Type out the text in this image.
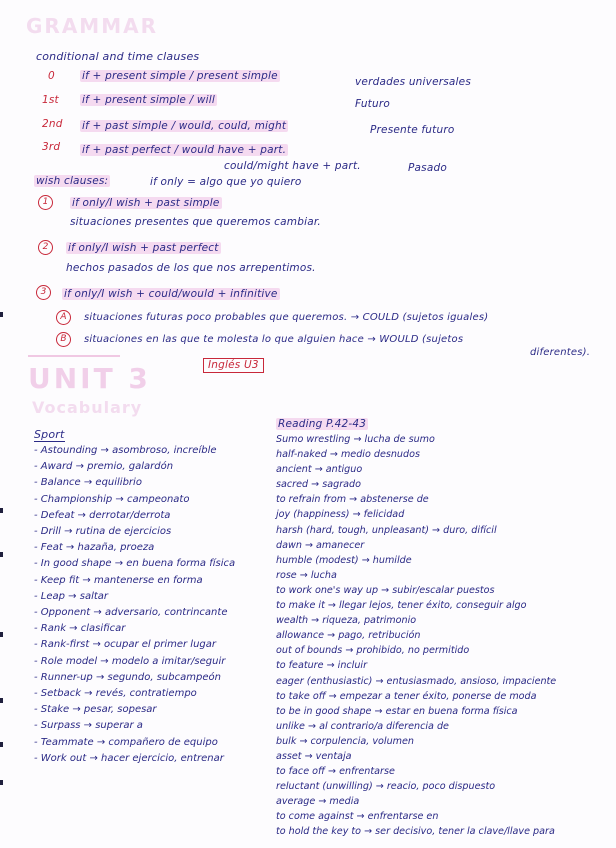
GRAMMAR
conditional and time clauses
0	if + present simple / present simple	verdades universales
1st if + present simple / will	Futuro
2nd if + past simple / would, could, might	Presente futuro
3rd if + past perfect / would have + part.
could/might have + part.	Pasado
wish clauses:	if only = algo que yo quiero
1	if only/I wish + past simple
situaciones presentes que queremos cambiar.
2	if only/I wish + past perfect
hechos pasados de los que nos arrepentimos.
3	if only/I wish + could/would + infinitive
A	situaciones futuras poco probables que queremos. → COULD (sujetos iguales)
B	situaciones en las que te molesta lo que alguien hace → WOULD (sujetos
diferentes).
Inglés U3
UNIT 3
Vocabulary
Sport
- Astounding → asombroso, increíble
- Award → premio, galardón
- Balance → equilibrio
- Championship → campeonato
- Defeat → derrotar/derrota
- Drill → rutina de ejercicios
- Feat → hazaña, proeza
- In good shape → en buena forma física
- Keep fit → mantenerse en forma
- Leap → saltar
- Opponent → adversario, contrincante
- Rank → clasificar
- Rank-first → ocupar el primer lugar
- Role model → modelo a imitar/seguir
- Runner-up → segundo, subcampeón
- Setback → revés, contratiempo
- Stake → pesar, sopesar
- Surpass → superar a
- Teammate → compañero de equipo
- Work out → hacer ejercicio, entrenar
Reading P.42-43
Sumo wrestling → lucha de sumo
half-naked → medio desnudos
ancient → antiguo
sacred → sagrado
to refrain from → abstenerse de
joy (happiness) → felicidad
harsh (hard, tough, unpleasant) → duro, difícil
dawn → amanecer
humble (modest) → humilde
rose → lucha
to work one's way up → subir/escalar puestos
to make it → llegar lejos, tener éxito, conseguir algo
wealth → riqueza, patrimonio
allowance → pago, retribución
out of bounds → prohibido, no permitido
to feature → incluir
eager (enthusiastic) → entusiasmado, ansioso, impaciente
to take off → empezar a tener éxito, ponerse de moda
to be in good shape → estar en buena forma física
unlike → al contrario/a diferencia de
bulk → corpulencia, volumen
asset → ventaja
to face off → enfrentarse
reluctant (unwilling) → reacio, poco dispuesto
average → media
to come against → enfrentarse en
to hold the key to → ser decisivo, tener la clave/llave para
